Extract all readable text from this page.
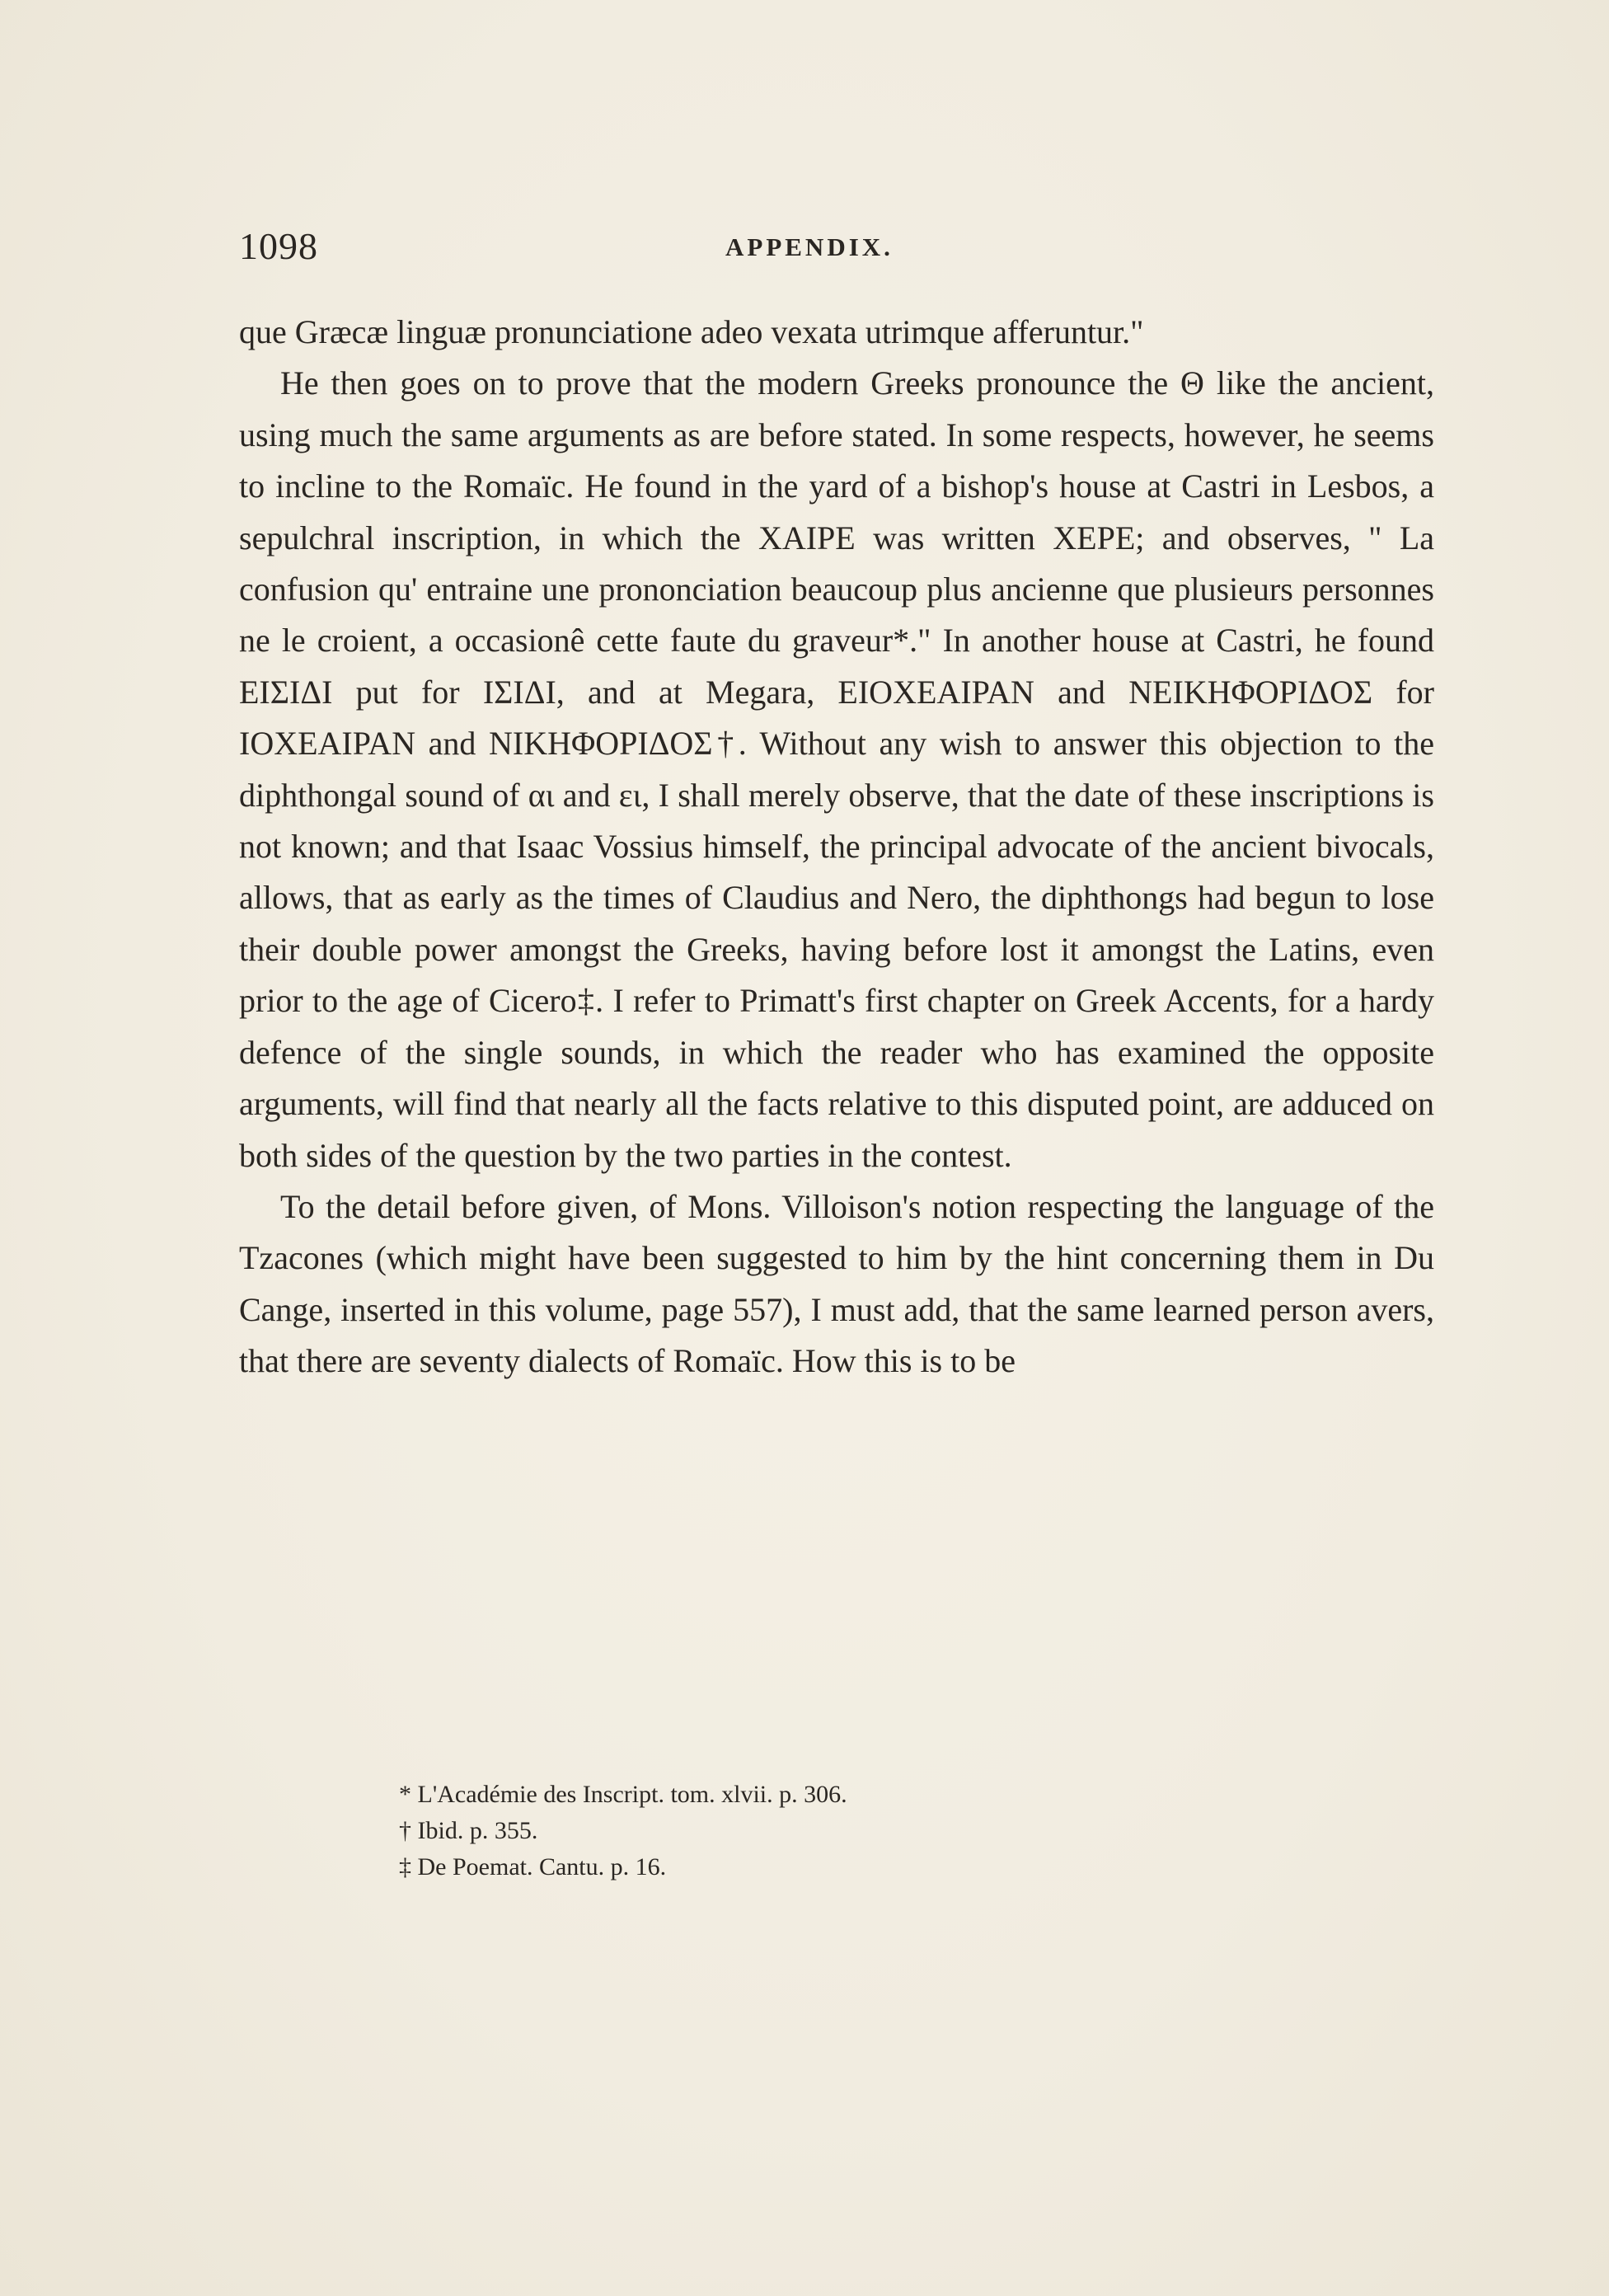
1098	APPENDIX.

que Græcæ linguæ pronunciatione adeo vexata utrimque afferuntur."

He then goes on to prove that the modern Greeks pronounce the Θ like the ancient, using much the same arguments as are before stated. In some respects, however, he seems to incline to the Romaïc. He found in the yard of a bishop's house at Castri in Lesbos, a sepulchral inscription, in which the XAIPE was written XEPE; and observes, " La confusion qu' entraine une prononciation beaucoup plus ancienne que plusieurs personnes ne le croient, a occasionê cette faute du graveur*." In another house at Castri, he found EIΣIΔI put for IΣIΔI, and at Megara, EIOXEAIPAN and NEIKHΦOPIΔOΣ for IOXEAIPAN and NIKHΦOPIΔOΣ†. Without any wish to answer this objection to the diphthongal sound of αι and ει, I shall merely observe, that the date of these inscriptions is not known; and that Isaac Vossius himself, the principal advocate of the ancient bivocals, allows, that as early as the times of Claudius and Nero, the diphthongs had begun to lose their double power amongst the Greeks, having before lost it amongst the Latins, even prior to the age of Cicero‡. I refer to Primatt's first chapter on Greek Accents, for a hardy defence of the single sounds, in which the reader who has examined the opposite arguments, will find that nearly all the facts relative to this disputed point, are adduced on both sides of the question by the two parties in the contest.

To the detail before given, of Mons. Villoison's notion respecting the language of the Tzacones (which might have been suggested to him by the hint concerning them in Du Cange, inserted in this volume, page 557), I must add, that the same learned person avers, that there are seventy dialects of Romaïc. How this is to be

* L'Académie des Inscript. tom. xlvii. p. 306.

† Ibid. p. 355.

‡ De Poemat. Cantu. p. 16.
